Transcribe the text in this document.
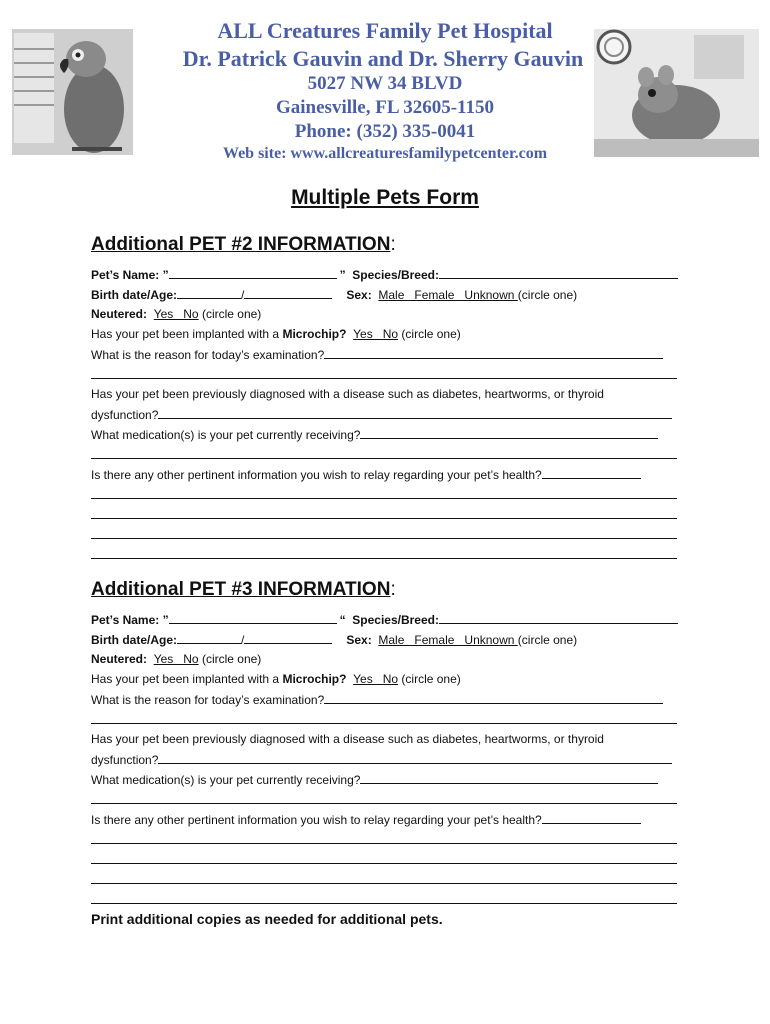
ALL Creatures Family Pet Hospital
Dr. Patrick Gauvin and Dr. Sherry Gauvin
5027 NW 34 BLVD
Gainesville, FL 32605-1150
Phone: (352) 335-0041
Web site: www.allcreaturesfamilypetcenter.com
Multiple Pets Form
Additional PET #2 INFORMATION:
Pet’s Name: ”	” Species/Breed:
Birth date/Age:	/	Sex: Male   Female   Unknown (circle one)
Neutered: Yes   No (circle one)
Has your pet been implanted with a Microchip? Yes   No (circle one)
What is the reason for today’s examination?
Has your pet been previously diagnosed with a disease such as diabetes, heartworms, or thyroid
dysfunction?
What medication(s) is your pet currently receiving?
Is there any other pertinent information you wish to relay regarding your pet’s health?
Additional PET #3 INFORMATION:
Pet’s Name: ”	“ Species/Breed:
Birth date/Age:	/	Sex: Male   Female   Unknown (circle one)
Neutered: Yes   No (circle one)
Has your pet been implanted with a Microchip? Yes   No (circle one)
What is the reason for today’s examination?
Has your pet been previously diagnosed with a disease such as diabetes, heartworms, or thyroid
dysfunction?
What medication(s) is your pet currently receiving?
Is there any other pertinent information you wish to relay regarding your pet’s health?
Print additional copies as needed for additional pets.
